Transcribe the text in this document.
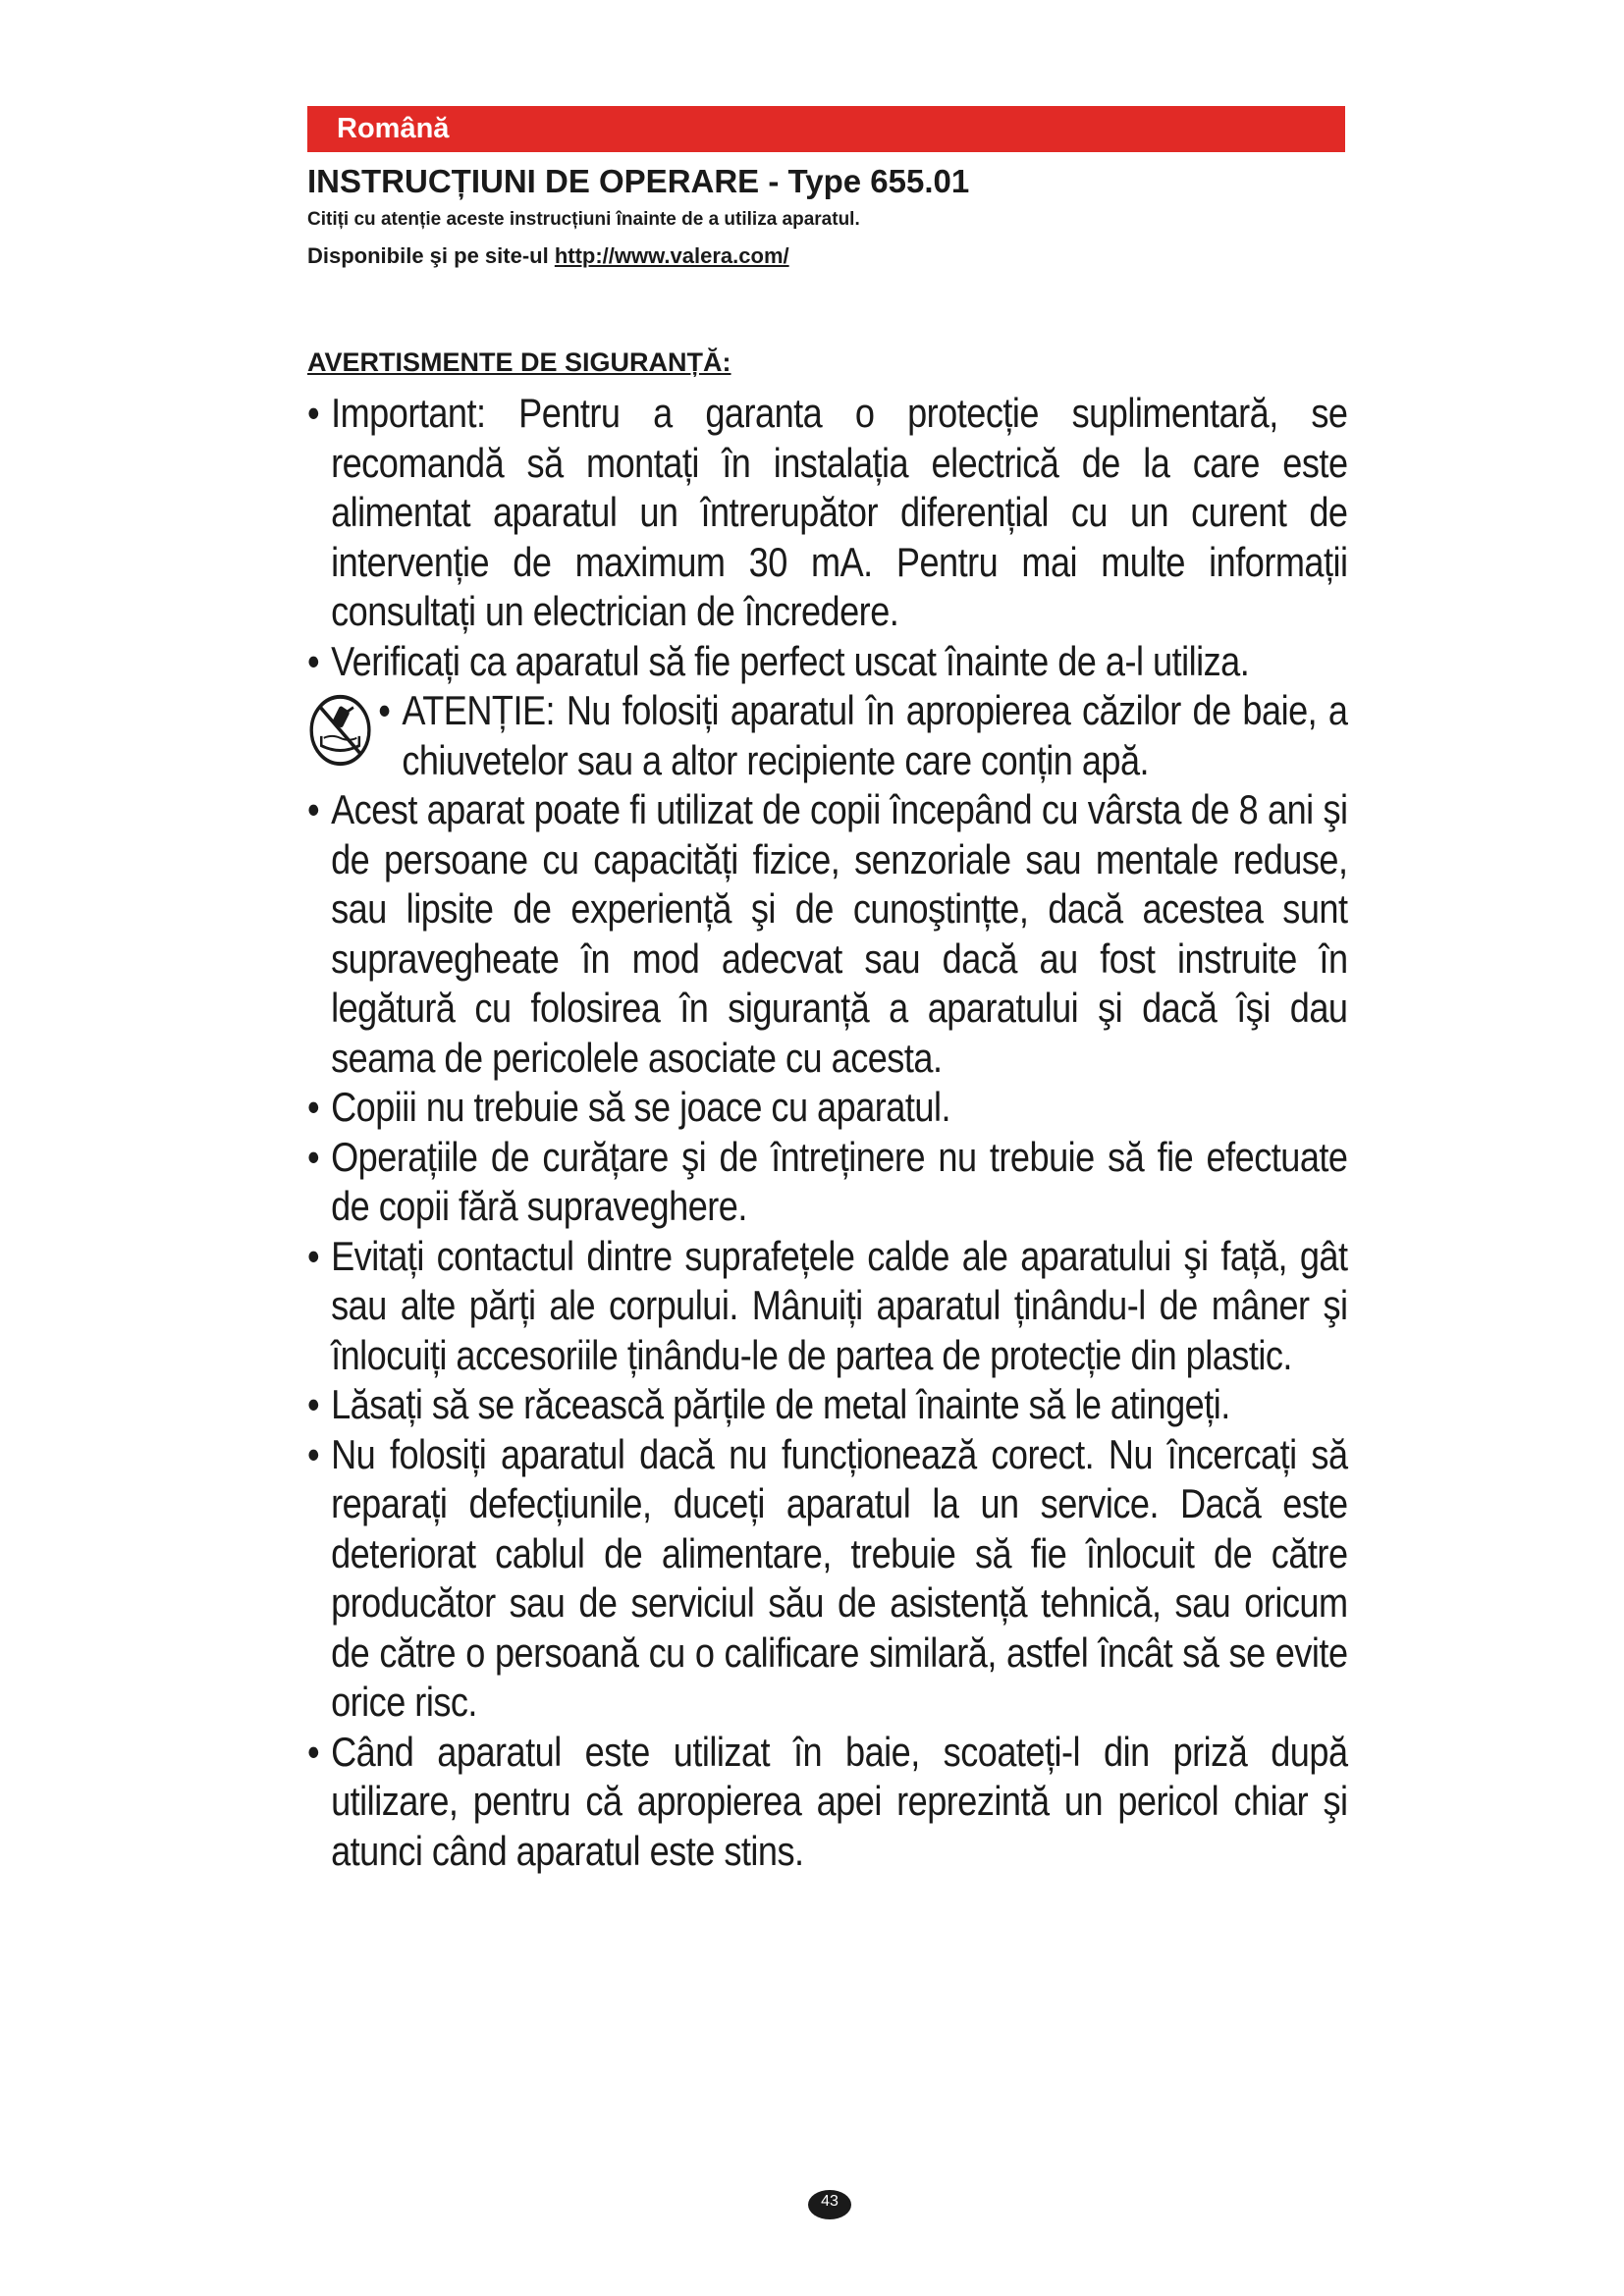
Română
INSTRUCȚIUNI DE OPERARE - Type 655.01
Citiți cu atenție aceste instrucțiuni înainte de a utiliza aparatul.
Disponibile şi pe site-ul http://www.valera.com/
AVERTISMENTE DE SIGURANȚĂ:

• Important: Pentru a garanta o protecție suplimentară, se recomandă să montați în instalația electrică de la care este alimentat aparatul un întrerupător diferențial cu un curent de intervenție de maximum 30 mA. Pentru mai multe informații consultați un electrician de încredere.

• Verificați ca aparatul să fie perfect uscat înainte de a-l utiliza.

• ATENȚIE: Nu folosiți aparatul în apropierea căzilor de baie, a chiuvetelor sau a altor recipiente care conțin apă.

• Acest aparat poate fi utilizat de copii începând cu vârsta de 8 ani şi de persoane cu capacități fizice, senzoriale sau mentale reduse, sau lipsite de experiență şi de cunoştințte, dacă acestea sunt supravegheate în mod adecvat sau dacă au fost instruite în legătură cu folosirea în siguranță a aparatului şi dacă îşi dau seama de pericolele asociate cu acesta.

• Copiii nu trebuie să se joace cu aparatul.

• Operațiile de curățare şi de întreținere nu trebuie să fie efectuate de copii fără supraveghere.

• Evitați contactul dintre suprafețele calde ale aparatului şi față, gât sau alte părți ale corpului. Mânuiți aparatul ținându-l de mâner şi înlocuiți accesoriile ținându-le de partea de protecție din plastic.

• Lăsați să se răcească părțile de metal înainte să le atingeți.

• Nu folosiți aparatul dacă nu funcționează corect. Nu încercați să reparați defecțiunile, duceți aparatul la un service. Dacă este deteriorat cablul de alimentare, trebuie să fie înlocuit de către producător sau de serviciul său de asistență tehnică, sau oricum de către o persoană cu o calificare similară, astfel încât să se evite orice risc.

• Când aparatul este utilizat în baie, scoateți-l din priză după utilizare, pentru că apropierea apei reprezintă un pericol chiar şi atunci când aparatul este stins.

43
